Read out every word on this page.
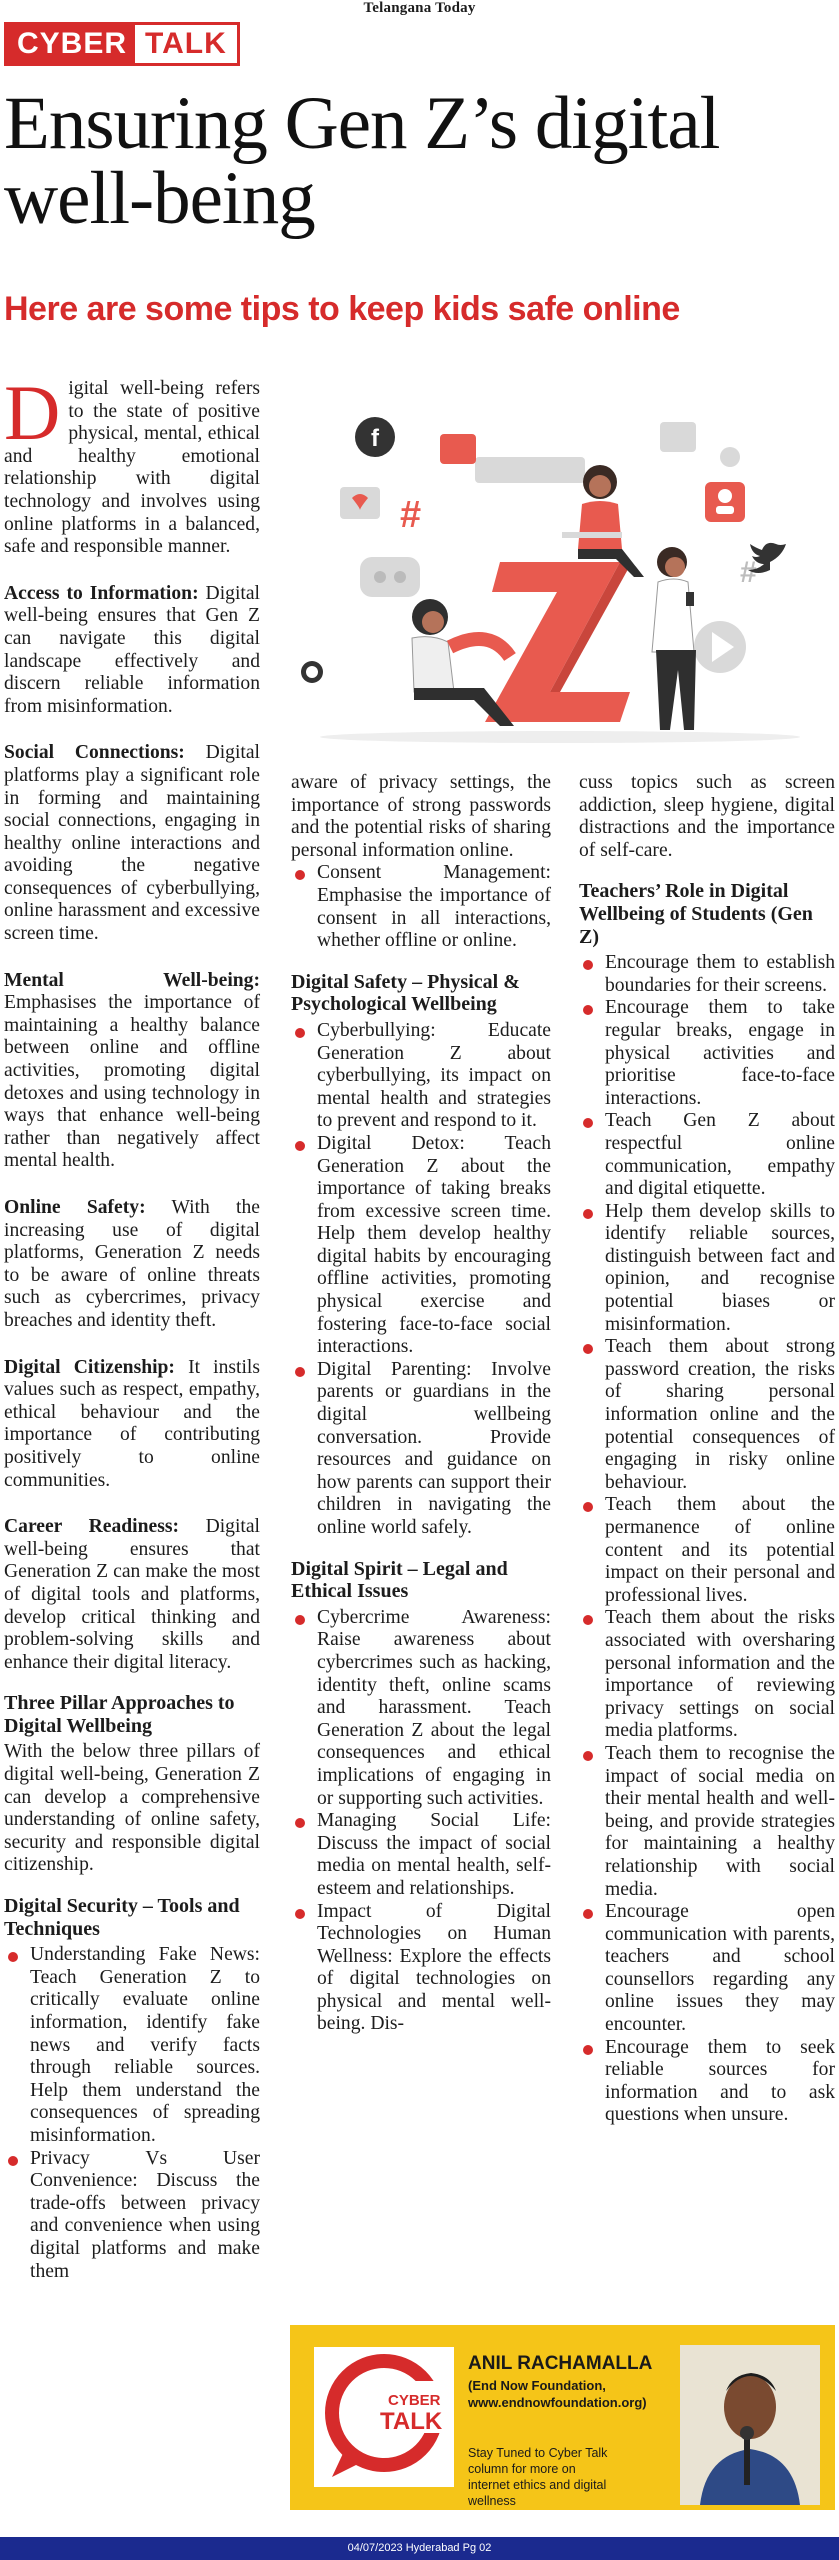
Telangana Today
CYBER TALK
Ensuring Gen Z’s digital well-being
Here are some tips to keep kids safe online

Digital well-being refers to the state of positive physical, mental, ethical and healthy emotional relationship with digital technology and involves using online platforms in a balanced, safe and responsible manner.

Access to Information: Digital well-being ensures that Gen Z can navigate this digital landscape effectively and discern reliable information from misinformation.

Social Connections: Digital platforms play a significant role in forming and maintaining social connections, engaging in healthy online interactions and avoiding the negative consequences of cyberbullying, online harassment and excessive screen time.

Mental Well-being: Emphasises the importance of maintaining a healthy balance between online and offline activities, promoting digital detoxes and using technology in ways that enhance well-being rather than negatively affect mental health.

Online Safety: With the increasing use of digital platforms, Generation Z needs to be aware of online threats such as cybercrimes, privacy breaches and identity theft.

Digital Citizenship: It instils values such as respect, empathy, ethical behaviour and the importance of contributing positively to online communities.

Career Readiness: Digital well-being ensures that Generation Z can make the most of digital tools and platforms, develop critical thinking and problem-solving skills and enhance their digital literacy.

Three Pillar Approaches to Digital Wellbeing

With the below three pillars of digital well-being, Generation Z can develop a comprehensive understanding of online safety, security and responsible digital citizenship.

Digital Security – Tools and Techniques
Understanding Fake News: Teach Generation Z to critically evaluate online information, identify fake news and verify facts through reliable sources. Help them understand the consequences of spreading misinformation.
Privacy Vs User Convenience: Discuss the trade-offs between privacy and convenience when using digital platforms and make them
f
#
#

aware of privacy settings, the importance of strong passwords and the potential risks of sharing personal information online.

Consent Management: Emphasise the importance of consent in all interactions, whether offline or online.
Digital Safety – Physical & Psychological Wellbeing
Cyberbullying: Educate Generation Z about cyberbullying, its impact on mental health and strategies to prevent and respond to it.
Digital Detox: Teach Generation Z about the importance of taking breaks from excessive screen time. Help them develop healthy digital habits by encouraging offline activities, promoting physical exercise and fostering face-to-face social interactions.
Digital Parenting: Involve parents or guardians in the digital wellbeing conversation. Provide resources and guidance on how parents can support their children in navigating the online world safely.
Digital Spirit – Legal and Ethical Issues
Cybercrime Awareness: Raise awareness about cybercrimes such as hacking, identity theft, online scams and harassment. Teach Generation Z about the legal consequences and ethical implications of engaging in or supporting such activities.
Managing Social Life: Discuss the impact of social media on mental health, self-esteem and relationships.
Impact of Digital Technologies on Human Wellness: Explore the effects of digital technologies on physical and mental well-being. Dis-

cuss topics such as screen addiction, sleep hygiene, digital distractions and the importance of self-care.

Teachers’ Role in Digital Wellbeing of Students (Gen Z)
Encourage them to establish boundaries for their screens.
Encourage them to take regular breaks, engage in physical activities and prioritise face-to-face interactions.
Teach Gen Z about respectful online communication, empathy and digital etiquette.
Help them develop skills to identify reliable sources, distinguish between fact and opinion, and recognise potential biases or misinformation.
Teach them about strong password creation, the risks of sharing personal information online and the potential consequences of engaging in risky online behaviour.
Teach them about the permanence of online content and its potential impact on their personal and professional lives.
Teach them about the risks associated with oversharing personal information and the importance of reviewing privacy settings on social media platforms.
Teach them to recognise the impact of social media on their mental health and well-being, and provide strategies for maintaining a healthy relationship with social media.
Encourage open communication with parents, teachers and school counsellors regarding any online issues they may encounter.
Encourage them to seek reliable sources for information and to ask questions when unsure.
CYBER
TALK
ANIL RACHAMALLA
(End Now Foundation, www.endnowfoundation.org)
Stay Tuned to Cyber Talk column for more on internet ethics and digital wellness
04/07/2023 Hyderabad Pg 02
